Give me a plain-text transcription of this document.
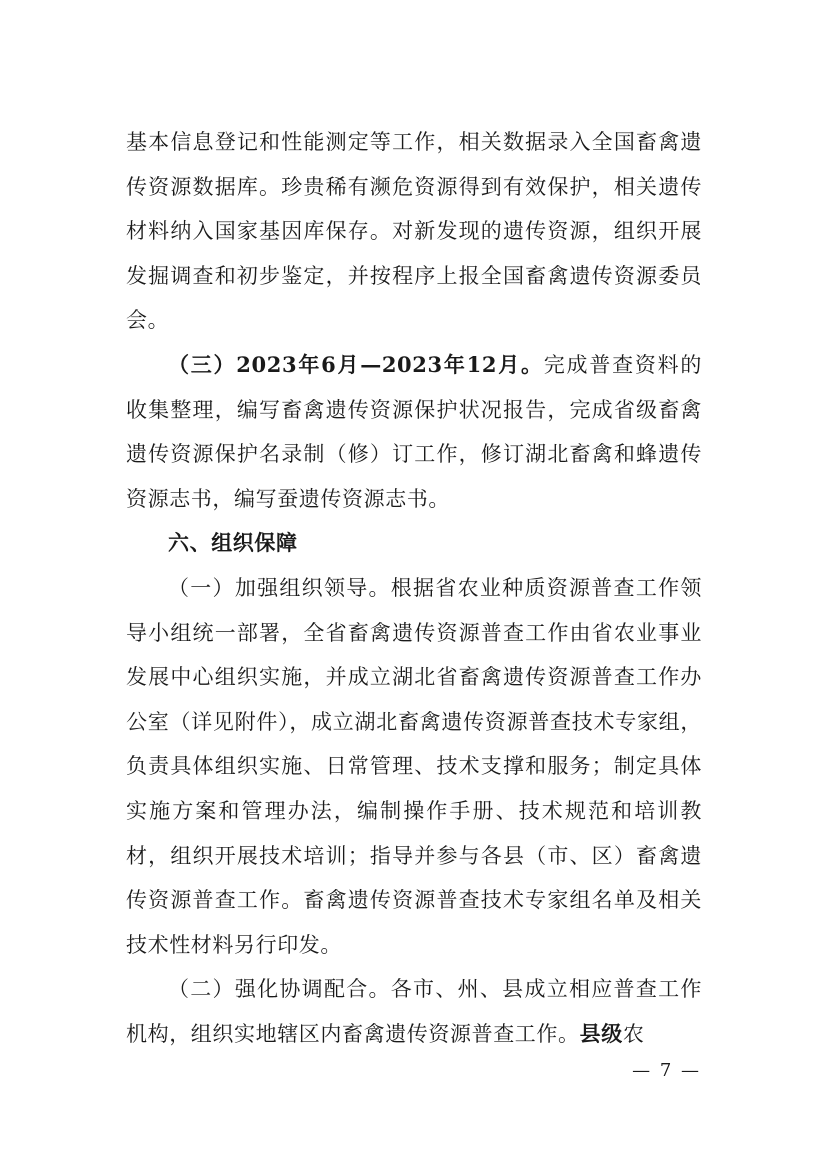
基本信息登记和性能测定等工作，相关数据录入全国畜禽遗传资源数据库。珍贵稀有濒危资源得到有效保护，相关遗传材料纳入国家基因库保存。对新发现的遗传资源，组织开展发掘调查和初步鉴定，并按程序上报全国畜禽遗传资源委员会。

（三）2023年6月—2023年12月。完成普查资料的收集整理，编写畜禽遗传资源保护状况报告，完成省级畜禽遗传资源保护名录制（修）订工作，修订湖北畜禽和蜂遗传资源志书，编写蚕遗传资源志书。

六、组织保障

（一）加强组织领导。根据省农业种质资源普查工作领导小组统一部署，全省畜禽遗传资源普查工作由省农业事业发展中心组织实施，并成立湖北省畜禽遗传资源普查工作办公室（详见附件），成立湖北畜禽遗传资源普查技术专家组，负责具体组织实施、日常管理、技术支撑和服务；制定具体实施方案和管理办法，编制操作手册、技术规范和培训教材，组织开展技术培训；指导并参与各县（市、区）畜禽遗传资源普查工作。畜禽遗传资源普查技术专家组名单及相关技术性材料另行印发。

（二）强化协调配合。各市、州、县成立相应普查工作机构，组织实地辖区内畜禽遗传资源普查工作。县级农

— 7 —
